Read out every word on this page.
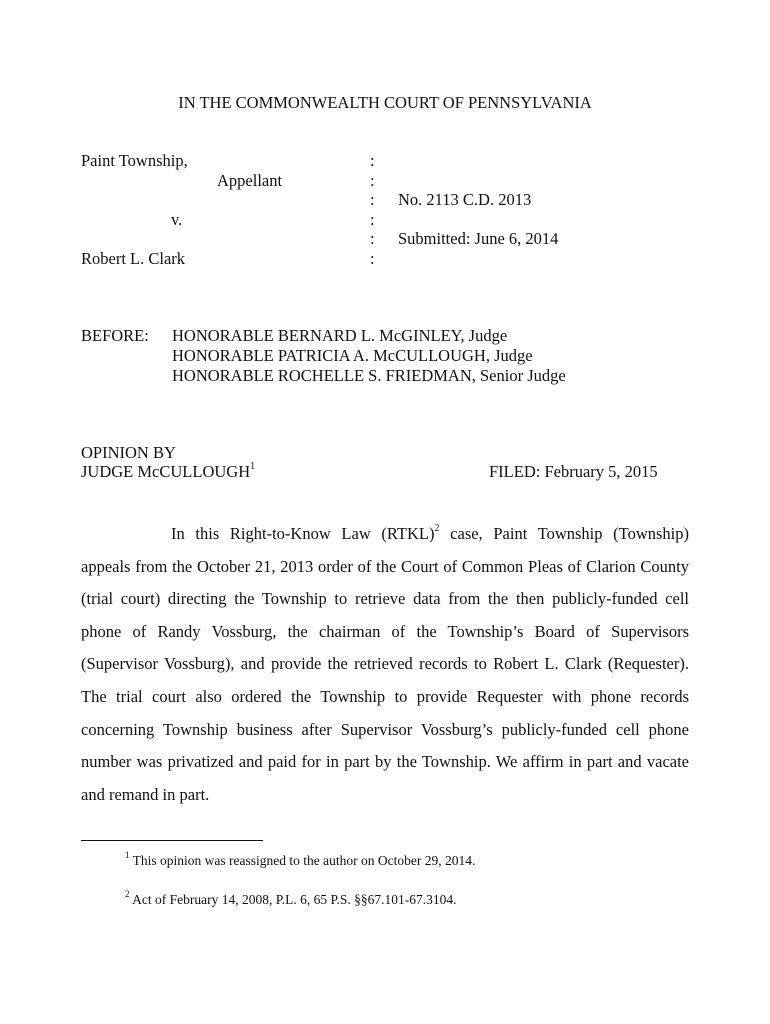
IN THE COMMONWEALTH COURT OF PENNSYLVANIA
Paint Township,
Appellant
v.
Robert L. Clark
:
:
:
:
:
:
No. 2113 C.D. 2013
Submitted: June 6, 2014
BEFORE: HONORABLE BERNARD L. McGINLEY, Judge
HONORABLE PATRICIA A. McCULLOUGH, Judge
HONORABLE ROCHELLE S. FRIEDMAN, Senior Judge
OPINION BY
JUDGE McCULLOUGH$^1$	FILED: February 5, 2015

In this Right-to-Know Law (RTKL)$^2$ case, Paint Township (Township) appeals from the October 21, 2013 order of the Court of Common Pleas of Clarion County (trial court) directing the Township to retrieve data from the then publicly-funded cell phone of Randy Vossburg, the chairman of the Township’s Board of Supervisors (Supervisor Vossburg), and provide the retrieved records to Robert L. Clark (Requester). The trial court also ordered the Township to provide Requester with phone records concerning Township business after Supervisor Vossburg’s publicly-funded cell phone number was privatized and paid for in part by the Township. We affirm in part and vacate and remand in part.

$^1$ This opinion was reassigned to the author on October 29, 2014.
$^2$ Act of February 14, 2008, P.L. 6, 65 P.S. §§67.101-67.3104.
